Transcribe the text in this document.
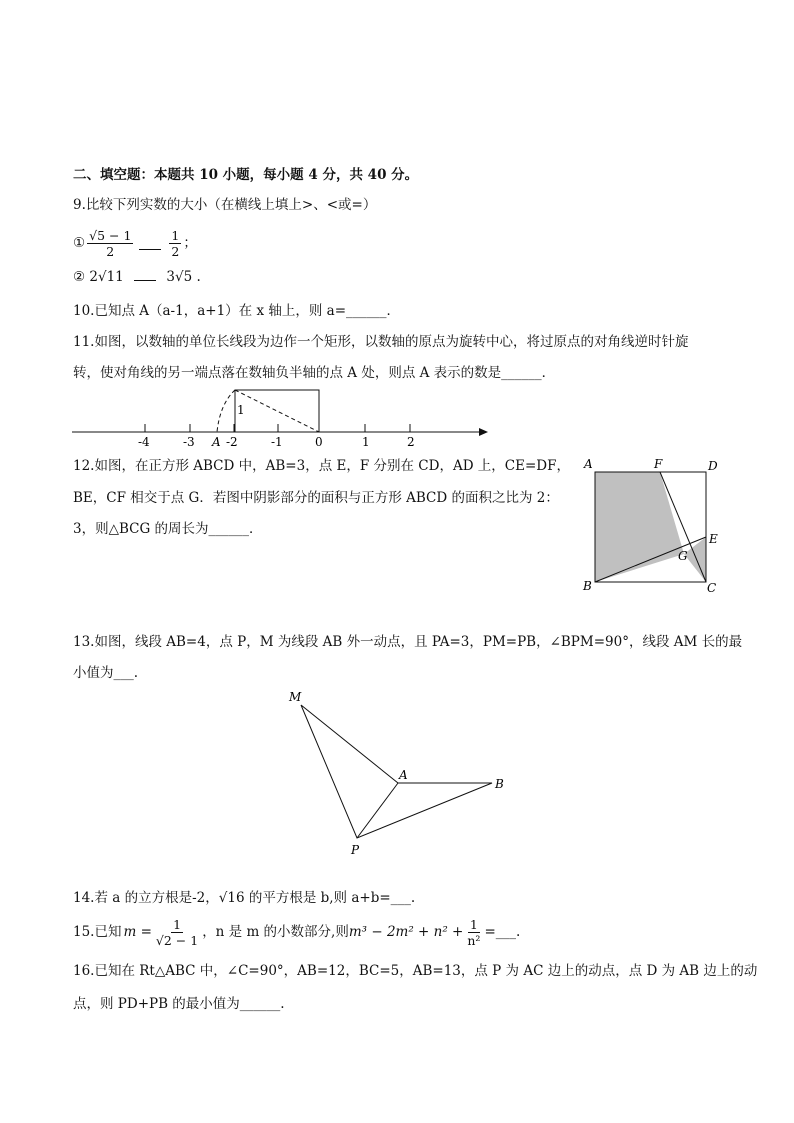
二、填空题：本题共 10 小题，每小题 4 分，共 40 分。
9.比较下列实数的大小（在横线上填上>、<或=）
① $\frac{√5 - 1}{2}$	$\frac{1}{2}$ ；
② 2√11	3√5 .
10.已知点 A（a-1，a+1）在 x 轴上，则 a=______．
11.如图，以数轴的单位长线段为边作一个矩形，以数轴的原点为旋转中心，将过原点的对角线逆时针旋
转，使对角线的另一端点落在数轴负半轴的点 A 处，则点 A 表示的数是______．
1
-4	-3 A -2	-1	0	1	2
12.如图，在正方形 ABCD 中，AB=3，点 E，F 分别在 CD，AD 上，CE=DF，
BE，CF 相交于点 G．若图中阴影部分的面积与正方形 ABCD 的面积之比为 2：
3，则△BCG 的周长为______．
A	F	D
E
G
B	C
13.如图，线段 AB=4，点 P，M 为线段 AB 外一动点，且 PA=3，PM=PB，∠BPM=90°，线段 AM 长的最
小值为___.
M
A
B
P
14.若 a 的立方根是-2，√16 的平方根是 b,则 a+b=___.
15.已知 $m = \frac{1}{√2 - 1}$ ，n 是 m 的小数部分,则 $m^3 - 2m^2 + n^2 + \frac{1}{\text{n²}}$ =___.
16.已知在 Rt△ABC 中，∠C=90°，AB=12，BC=5，AB=13，点 P 为 AC 边上的动点，点 D 为 AB 边上的动
点，则 PD+PB 的最小值为______.
